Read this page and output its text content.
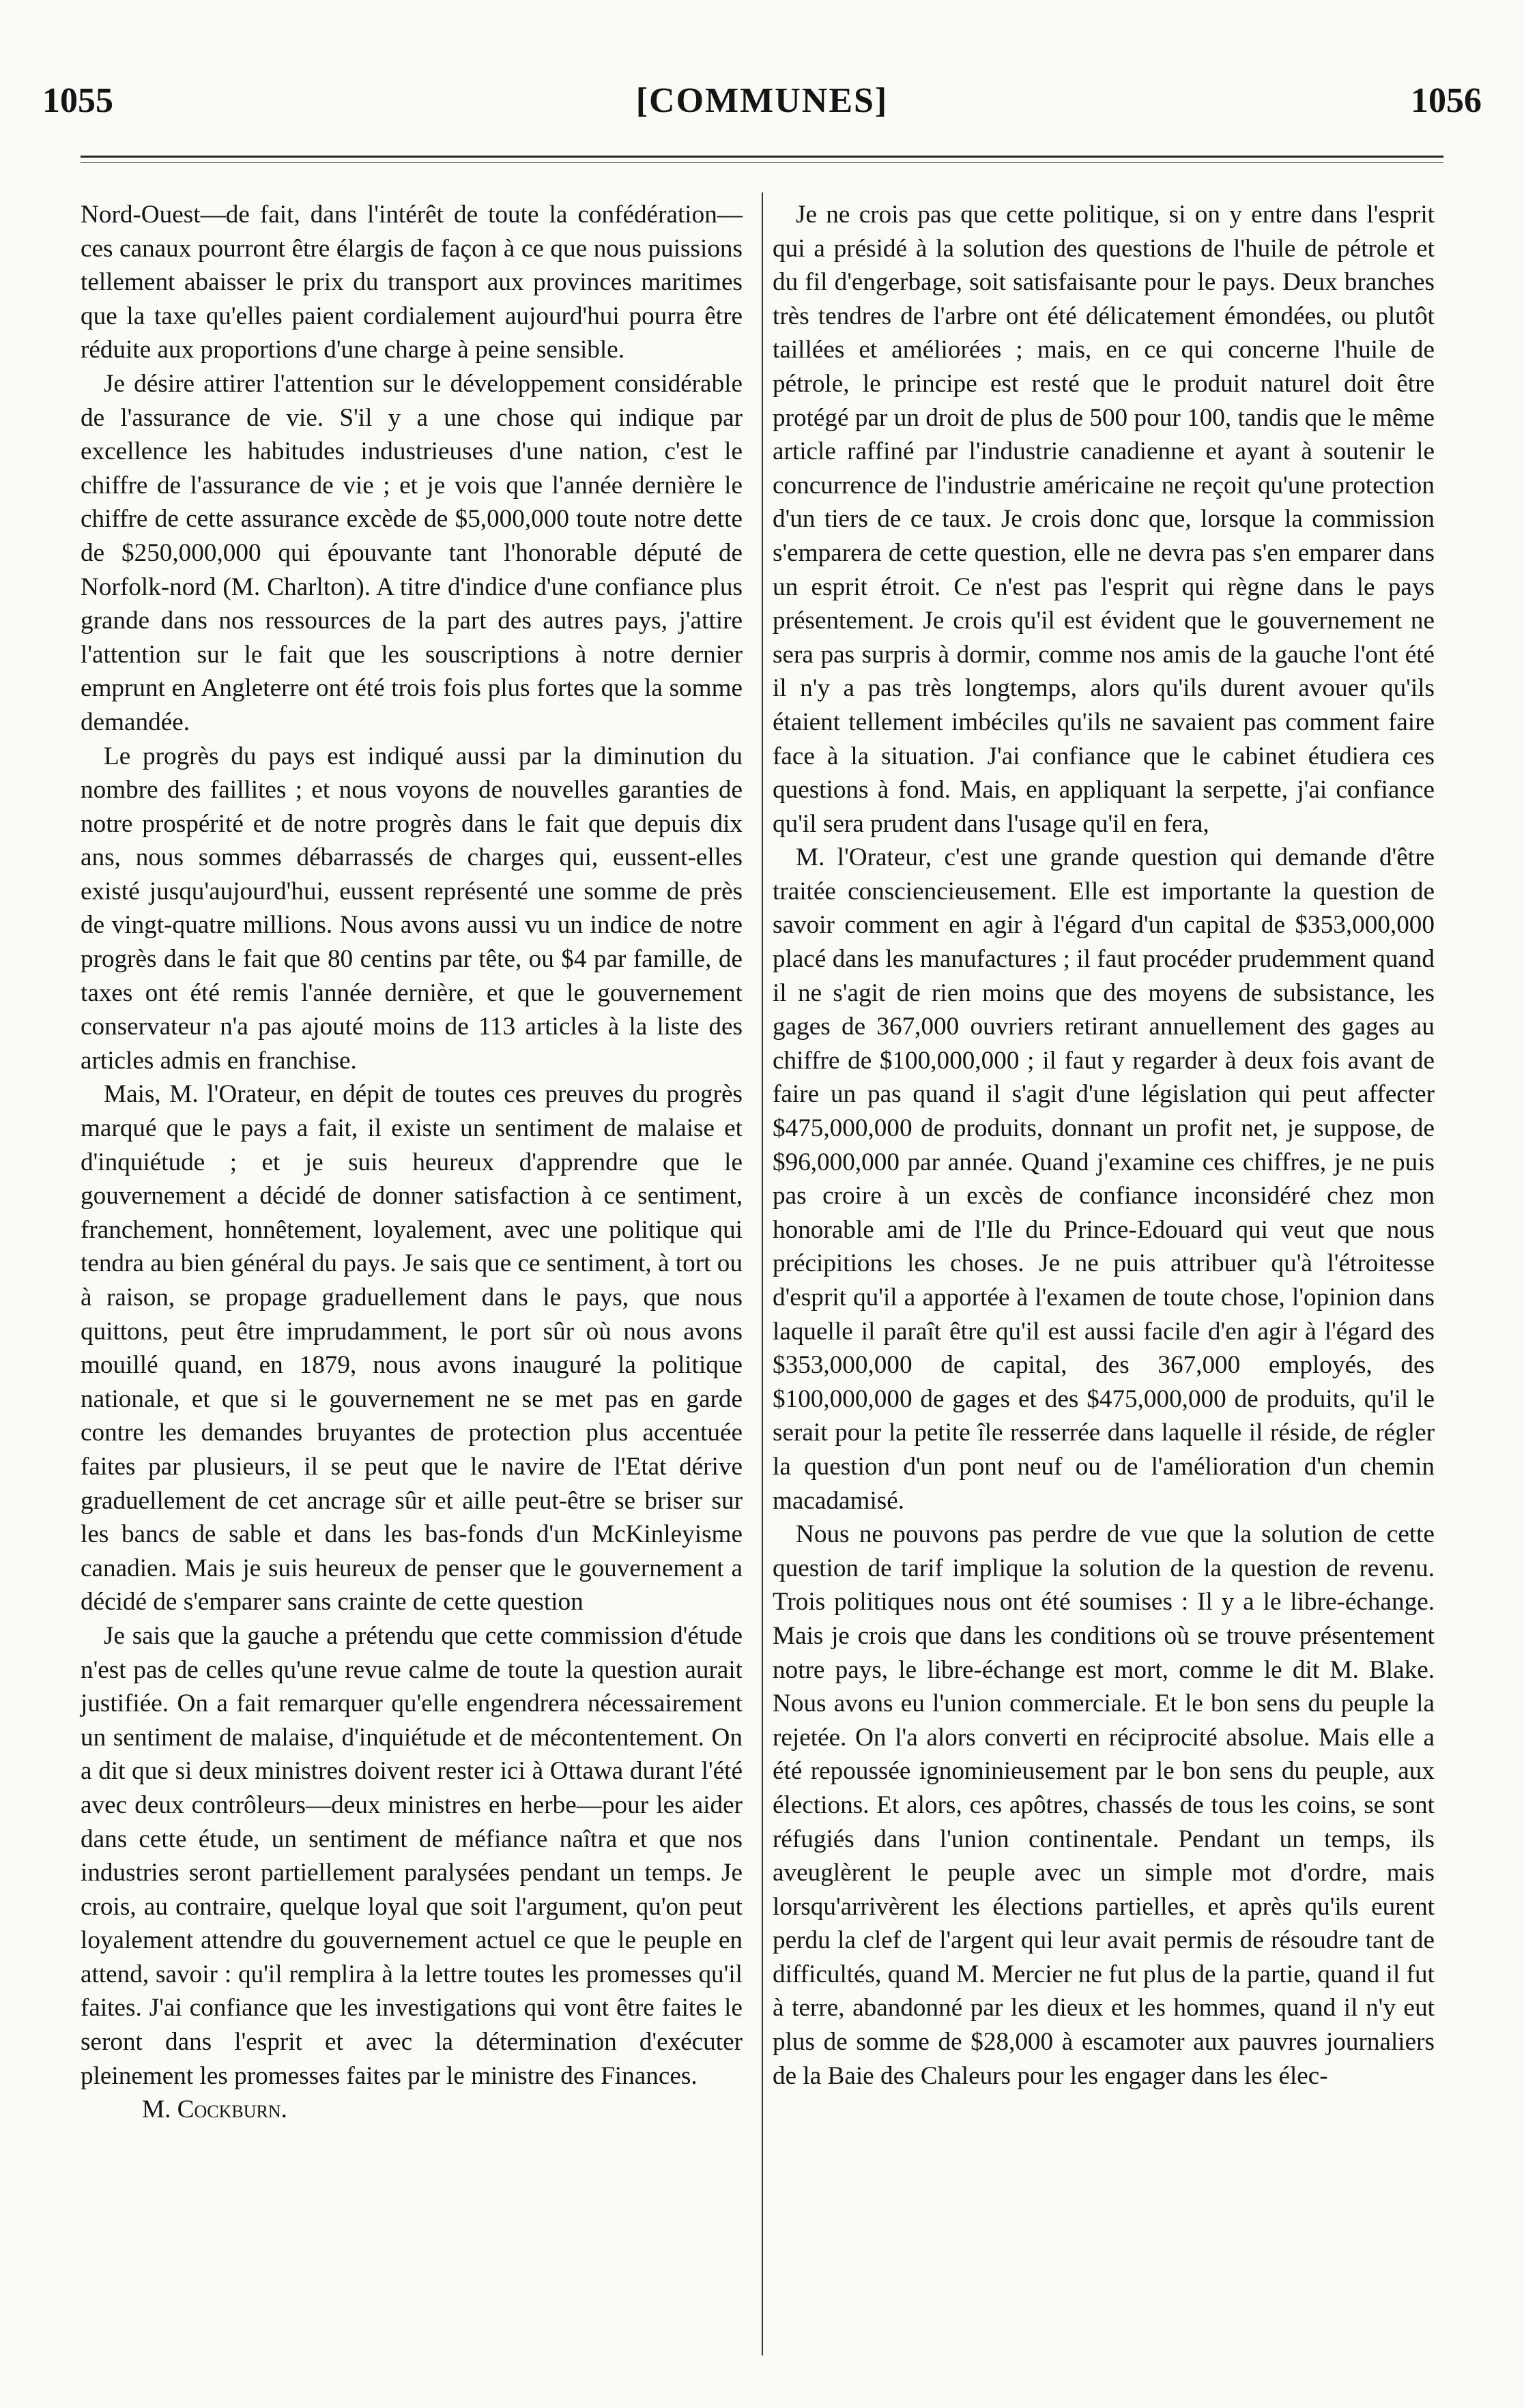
1055	[COMMUNES]	1056

Nord-Ouest—de fait, dans l'intérêt de toute la confédération—ces canaux pourront être élargis de façon à ce que nous puissions tellement abaisser le prix du transport aux provinces maritimes que la taxe qu'elles paient cordialement aujourd'hui pourra être réduite aux proportions d'une charge à peine sensible.

Je désire attirer l'attention sur le développement considérable de l'assurance de vie. S'il y a une chose qui indique par excellence les habitudes industrieuses d'une nation, c'est le chiffre de l'assurance de vie ; et je vois que l'année dernière le chiffre de cette assurance excède de $5,000,000 toute notre dette de $250,000,000 qui épouvante tant l'honorable député de Norfolk-nord (M. Charlton). A titre d'indice d'une confiance plus grande dans nos ressources de la part des autres pays, j'attire l'attention sur le fait que les souscriptions à notre dernier emprunt en Angleterre ont été trois fois plus fortes que la somme demandée.

Le progrès du pays est indiqué aussi par la diminution du nombre des faillites ; et nous voyons de nouvelles garanties de notre prospérité et de notre progrès dans le fait que depuis dix ans, nous sommes débarrassés de charges qui, eussent-elles existé jusqu'aujourd'hui, eussent représenté une somme de près de vingt-quatre millions. Nous avons aussi vu un indice de notre progrès dans le fait que 80 centins par tête, ou $4 par famille, de taxes ont été remis l'année dernière, et que le gouvernement conservateur n'a pas ajouté moins de 113 articles à la liste des articles admis en franchise.

Mais, M. l'Orateur, en dépit de toutes ces preuves du progrès marqué que le pays a fait, il existe un sentiment de malaise et d'inquiétude ; et je suis heureux d'apprendre que le gouvernement a décidé de donner satisfaction à ce sentiment, franchement, honnêtement, loyalement, avec une politique qui tendra au bien général du pays. Je sais que ce sentiment, à tort ou à raison, se propage graduellement dans le pays, que nous quittons, peut être imprudamment, le port sûr où nous avons mouillé quand, en 1879, nous avons inauguré la politique nationale, et que si le gouvernement ne se met pas en garde contre les demandes bruyantes de protection plus accentuée faites par plusieurs, il se peut que le navire de l'Etat dérive graduellement de cet ancrage sûr et aille peut-être se briser sur les bancs de sable et dans les bas-fonds d'un McKinleyisme canadien. Mais je suis heureux de penser que le gouvernement a décidé de s'emparer sans crainte de cette question

Je sais que la gauche a prétendu que cette commission d'étude n'est pas de celles qu'une revue calme de toute la question aurait justifiée. On a fait remarquer qu'elle engendrera nécessairement un sentiment de malaise, d'inquiétude et de mécontentement. On a dit que si deux ministres doivent rester ici à Ottawa durant l'été avec deux contrôleurs—deux ministres en herbe—pour les aider dans cette étude, un sentiment de méfiance naîtra et que nos industries seront partiellement paralysées pendant un temps. Je crois, au contraire, quelque loyal que soit l'argument, qu'on peut loyalement attendre du gouvernement actuel ce que le peuple en attend, savoir : qu'il remplira à la lettre toutes les promesses qu'il faites. J'ai confiance que les investigations qui vont être faites le seront dans l'esprit et avec la détermination d'exécuter pleinement les promesses faites par le ministre des Finances.

M. Cockburn.

Je ne crois pas que cette politique, si on y entre dans l'esprit qui a présidé à la solution des questions de l'huile de pétrole et du fil d'engerbage, soit satisfaisante pour le pays. Deux branches très tendres de l'arbre ont été délicatement émondées, ou plutôt taillées et améliorées ; mais, en ce qui concerne l'huile de pétrole, le principe est resté que le produit naturel doit être protégé par un droit de plus de 500 pour 100, tandis que le même article raffiné par l'industrie canadienne et ayant à soutenir le concurrence de l'industrie américaine ne reçoit qu'une protection d'un tiers de ce taux. Je crois donc que, lorsque la commission s'emparera de cette question, elle ne devra pas s'en emparer dans un esprit étroit. Ce n'est pas l'esprit qui règne dans le pays présentement. Je crois qu'il est évident que le gouvernement ne sera pas surpris à dormir, comme nos amis de la gauche l'ont été il n'y a pas très longtemps, alors qu'ils durent avouer qu'ils étaient tellement imbéciles qu'ils ne savaient pas comment faire face à la situation. J'ai confiance que le cabinet étudiera ces questions à fond. Mais, en appliquant la serpette, j'ai confiance qu'il sera prudent dans l'usage qu'il en fera,

M. l'Orateur, c'est une grande question qui demande d'être traitée consciencieusement. Elle est importante la question de savoir comment en agir à l'égard d'un capital de $353,000,000 placé dans les manufactures ; il faut procéder prudemment quand il ne s'agit de rien moins que des moyens de subsistance, les gages de 367,000 ouvriers retirant annuellement des gages au chiffre de $100,000,000 ; il faut y regarder à deux fois avant de faire un pas quand il s'agit d'une législation qui peut affecter $475,000,000 de produits, donnant un profit net, je suppose, de $96,000,000 par année. Quand j'examine ces chiffres, je ne puis pas croire à un excès de confiance inconsidéré chez mon honorable ami de l'Ile du Prince-Edouard qui veut que nous précipitions les choses. Je ne puis attribuer qu'à l'étroitesse d'esprit qu'il a apportée à l'examen de toute chose, l'opinion dans laquelle il paraît être qu'il est aussi facile d'en agir à l'égard des $353,000,000 de capital, des 367,000 employés, des $100,000,000 de gages et des $475,000,000 de produits, qu'il le serait pour la petite île resserrée dans laquelle il réside, de régler la question d'un pont neuf ou de l'amélioration d'un chemin macadamisé.

Nous ne pouvons pas perdre de vue que la solution de cette question de tarif implique la solution de la question de revenu. Trois politiques nous ont été soumises : Il y a le libre-échange. Mais je crois que dans les conditions où se trouve présentement notre pays, le libre-échange est mort, comme le dit M. Blake. Nous avons eu l'union commerciale. Et le bon sens du peuple la rejetée. On l'a alors converti en réciprocité absolue. Mais elle a été repoussée ignominieusement par le bon sens du peuple, aux élections. Et alors, ces apôtres, chassés de tous les coins, se sont réfugiés dans l'union continentale. Pendant un temps, ils aveuglèrent le peuple avec un simple mot d'ordre, mais lorsqu'arrivèrent les élections partielles, et après qu'ils eurent perdu la clef de l'argent qui leur avait permis de résoudre tant de difficultés, quand M. Mercier ne fut plus de la partie, quand il fut à terre, abandonné par les dieux et les hommes, quand il n'y eut plus de somme de $28,000 à escamoter aux pauvres journaliers de la Baie des Chaleurs pour les engager dans les élec-
